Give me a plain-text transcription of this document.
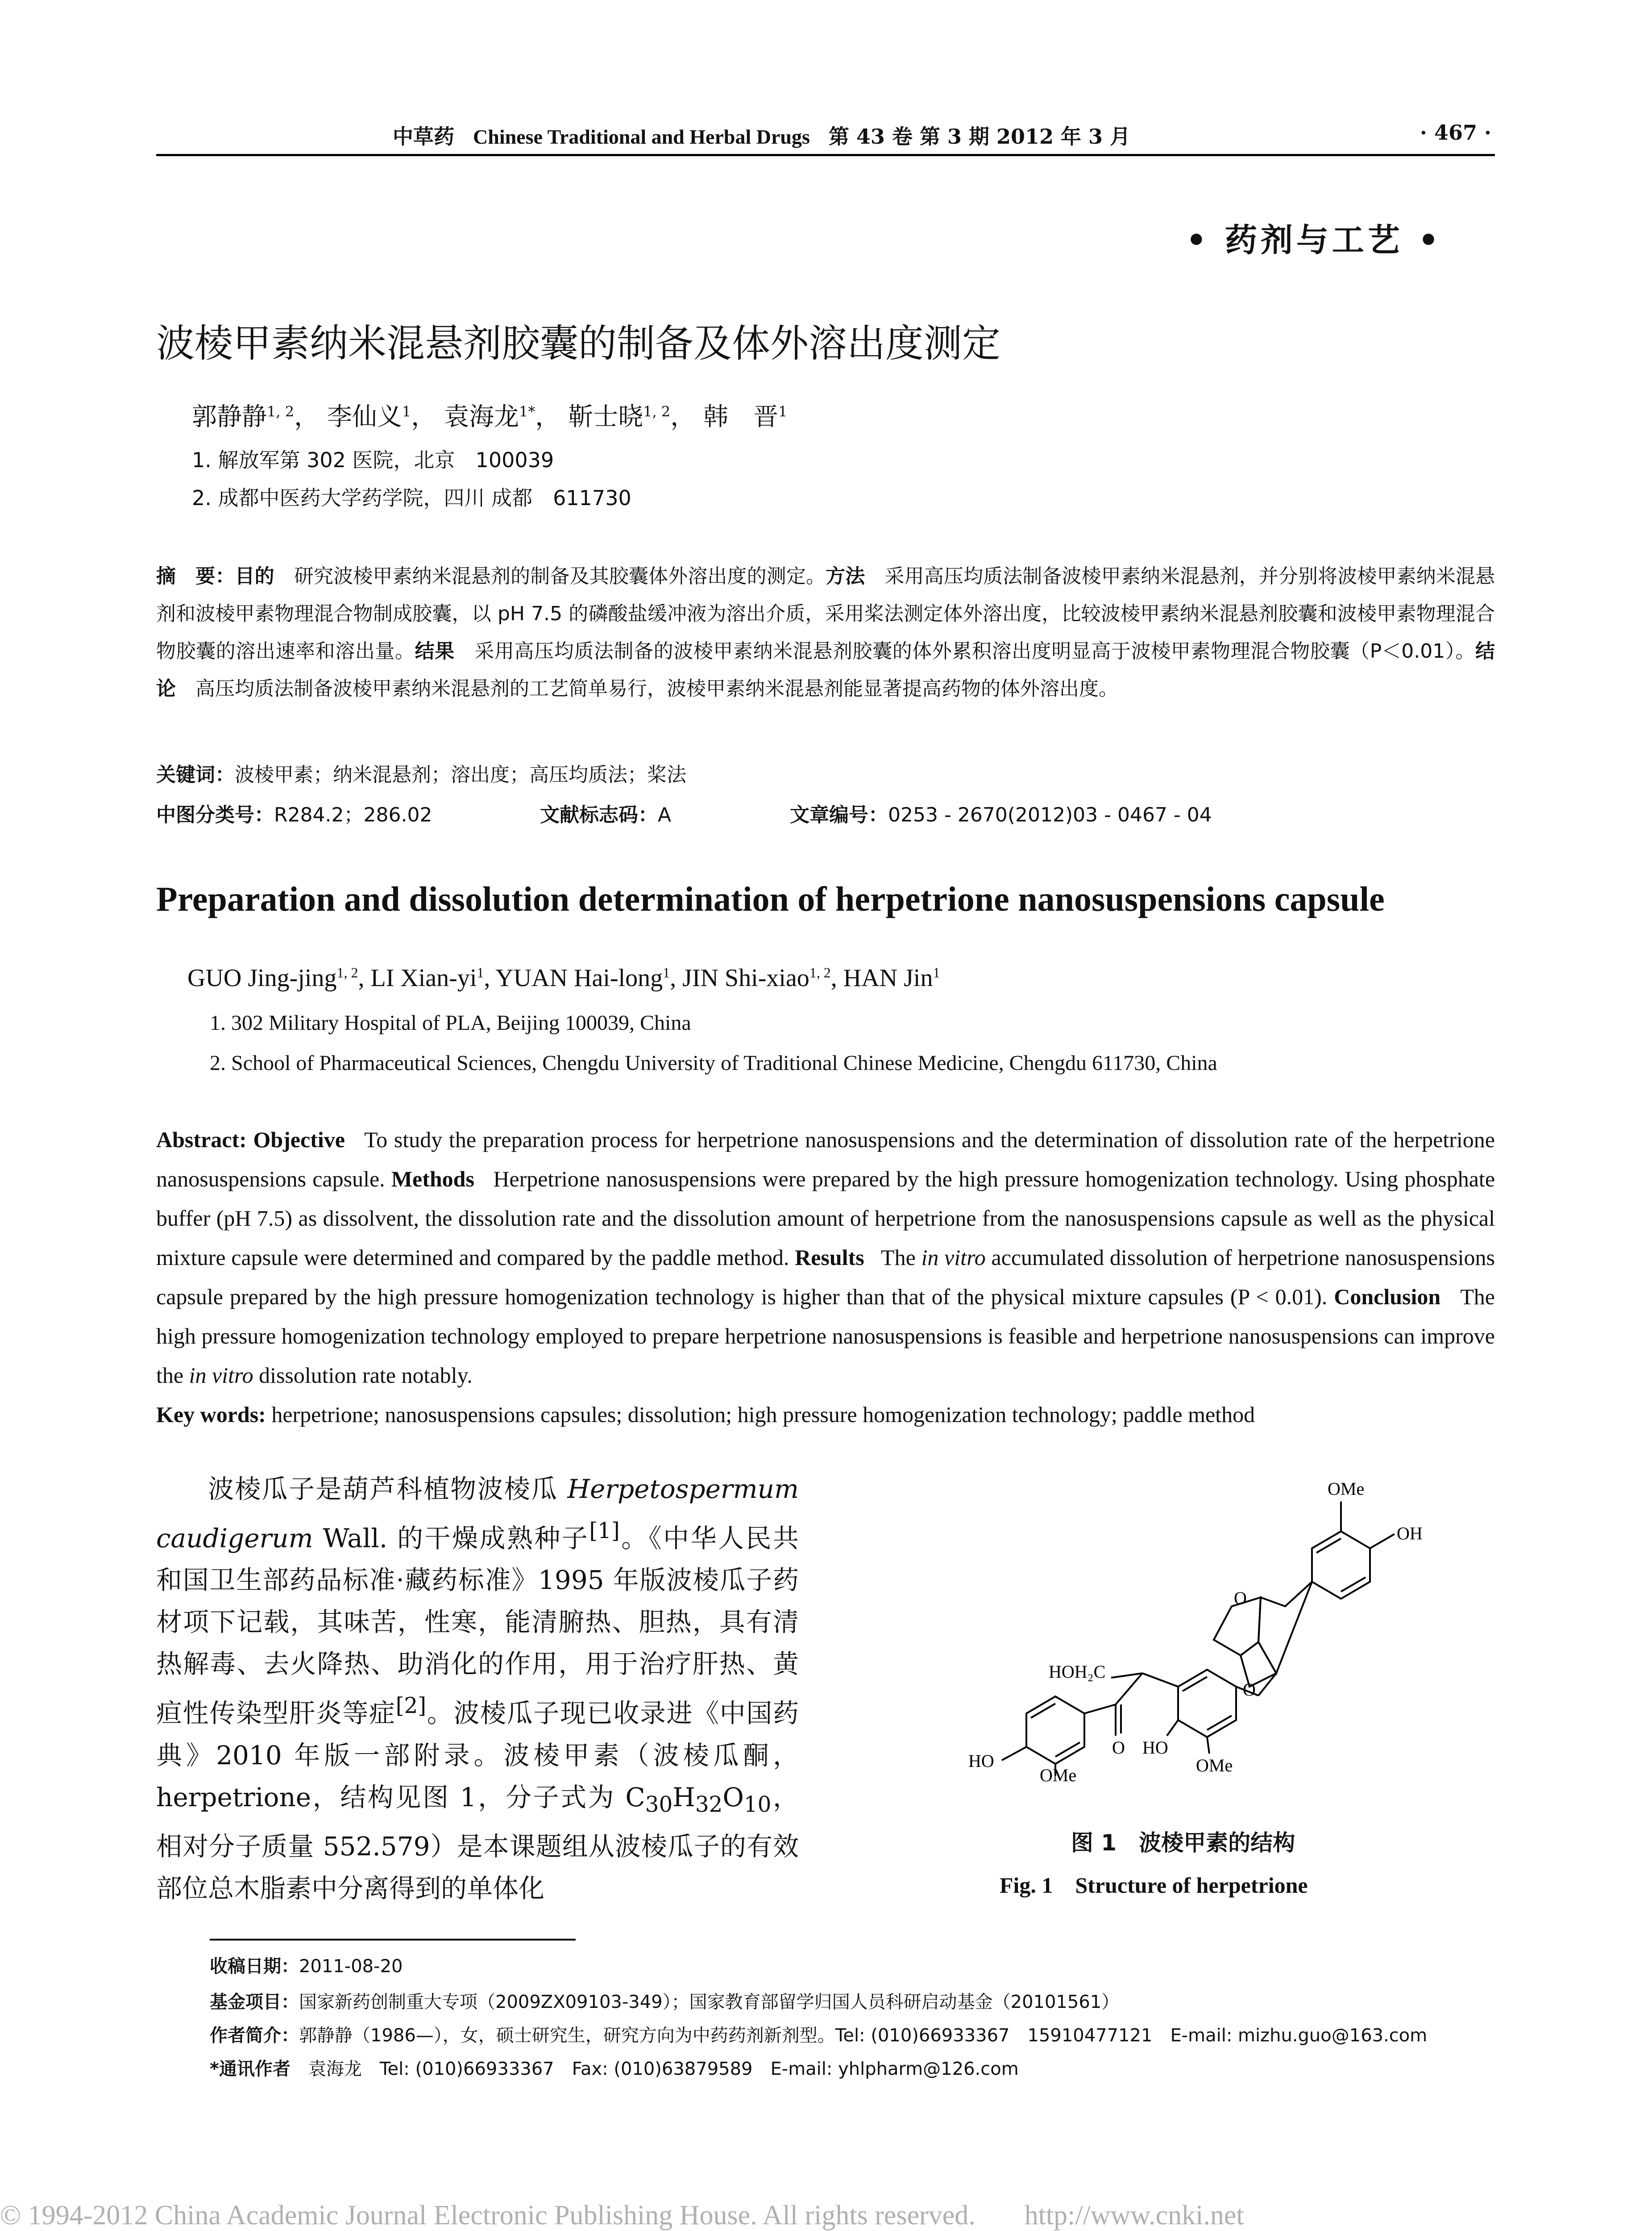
中草药 Chinese Traditional and Herbal Drugs 第 43 卷 第 3 期 2012 年 3 月	· 467 ·
• 药剂与工艺 •
波棱甲素纳米混悬剂胶囊的制备及体外溶出度测定
郭静静$^{1, 2}$， 李仙义$^1$， 袁海龙$^{1*}$， 靳士晓$^{1, 2}$， 韩　晋$^1$
1. 解放军第 302 医院，北京　100039
2. 成都中医药大学药学院，四川 成都　611730
摘　要：目的　 研究波棱甲素纳米混悬剂的制备及其胶囊体外溶出度的测定。方法　 采用高压均质法制备波棱甲素纳米混悬剂，并分别将波棱甲素纳米混悬剂和波棱甲素物理混合物制成胶囊，以 pH 7.5 的磷酸盐缓冲液为溶出介质，采用桨法测定体外溶出度，比较波棱甲素纳米混悬剂胶囊和波棱甲素物理混合物胶囊的溶出速率和溶出量。结果　 采用高压均质法制备的波棱甲素纳米混悬剂胶囊的体外累积溶出度明显高于波棱甲素物理混合物胶囊（P＜0.01）。结论　 高压均质法制备波棱甲素纳米混悬剂的工艺简单易行，波棱甲素纳米混悬剂能显著提高药物的体外溶出度。
关键词：波棱甲素；纳米混悬剂；溶出度；高压均质法；桨法
中图分类号：R284.2；286.02	文献标志码：A	文章编号：0253 - 2670(2012)03 - 0467 - 04
Preparation and dissolution determination of herpetrione nanosuspensions capsule
GUO Jing-jing$^{1, 2}$, LI Xian-$yi^1$, YUAN Hai-long$^1$, JIN Shi-xiao$^{1, 2}$, HAN Jin$^1$
1. 302 Military Hospital of PLA, Beijing 100039, China
2. School of Pharmaceutical Sciences, Chengdu University of Traditional Chinese Medicine, Chengdu 611730, China
Abstract: Objective To study the preparation process for herpetrione nanosuspensions and the determination of dissolution rate of the herpetrione nanosuspensions capsule. Methods Herpetrione nanosuspensions were prepared by the high pressure homogenization technology. Using phosphate buffer (pH 7.5) as dissolvent, the dissolution rate and the dissolution amount of herpetrione from the nanosuspensions capsule as well as the physical mixture capsule were determined and compared by the paddle method. Results The in vitro accumulated dissolution of herpetrione nanosuspensions capsule prepared by the high pressure homogenization technology is higher than that of the physical mixture capsules (P < 0.01). Conclusion The high pressure homogenization technology employed to prepare herpetrione nanosuspensions is feasible and herpetrione nanosuspensions can improve the in vitro dissolution rate notably.
Key words: herpetrione; nanosuspensions capsules; dissolution; high pressure homogenization technology; paddle method

波棱瓜子是葫芦科植物波棱瓜 Herpetospermum caudigerum Wall. 的干燥成熟种子[1]。《中华人民共和国卫生部药品标准·藏药标准》1995 年版波棱瓜子药材项下记载，其味苦，性寒，能清腑热、胆热，具有清热解毒、去火降热、助消化的作用，用于治疗肝热、黄疸性传染型肝炎等症[2]。波棱瓜子现已收录进《中国药典》2010 年版一部附录。波棱甲素（波棱瓜酮，herpetrione，结构见图 1，分子式为 $C_{30}H_{32}O_{10}$，相对分子质量 552.579）是本课题组从波棱瓜子的有效部位总木脂素中分离得到的单体化

OMe
OH
O
O
HOH₂C
O HO
OMe
HO
OMe
图 1　波棱甲素的结构
Fig. 1　Structure of herpetrione
收稿日期：2011-08-20
基金项目：国家新药创制重大专项（2009ZX09103-349）；国家教育部留学归国人员科研启动基金（20101561）
作者简介：郭静静（1986—），女，硕士研究生，研究方向为中药药剂新剂型。Tel: (010)66933367　15910477121　E-mail: mizhu.guo@163.com
*通讯作者　 袁海龙　Tel: (010)66933367　Fax: (010)63879589　E-mail: yhlpharm@126.com
© 1994-2012 China Academic Journal Electronic Publishing House. All rights reserved. http://www.cnki.net
